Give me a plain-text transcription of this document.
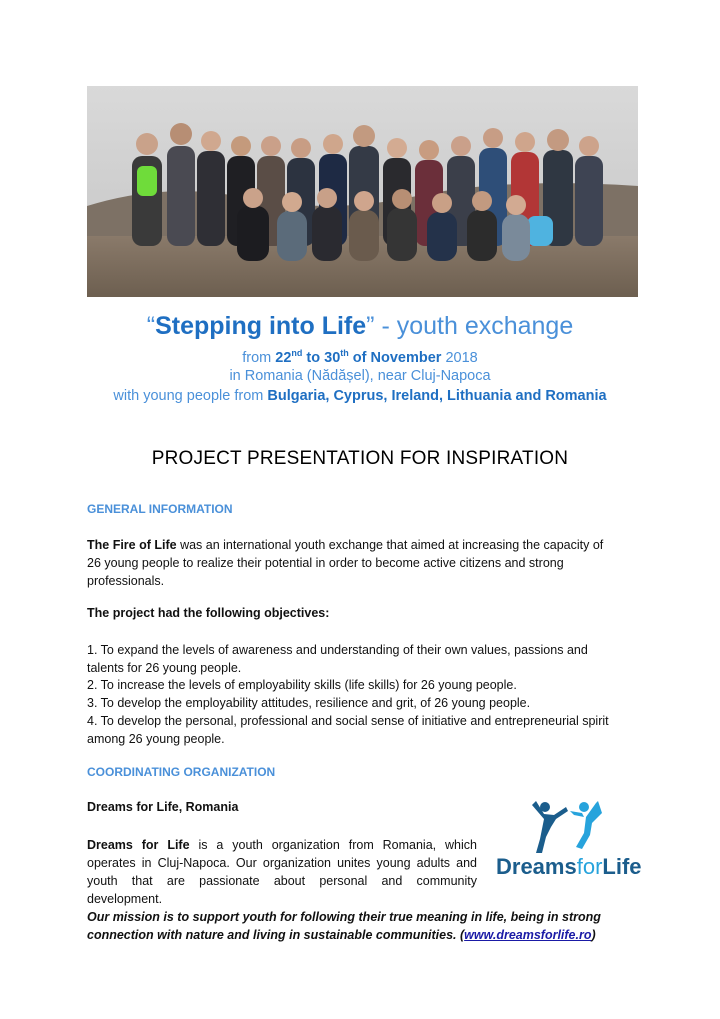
“Stepping into Life” - youth exchange
from 22nd to 30th of November 2018
in Romania (Nădășel), near Cluj-Napoca
with young people from Bulgaria, Cyprus, Ireland, Lithuania and Romania
PROJECT PRESENTATION FOR INSPIRATION
GENERAL INFORMATION
The Fire of Life was an international youth exchange that aimed at increasing the capacity of 26 young people to realize their potential in order to become active citizens and strong professionals.
The project had the following objectives:
1. To expand the levels of awareness and understanding of their own values, passions and talents for 26 young people.
2. To increase the levels of employability skills (life skills) for 26 young people.
3. To develop the employability attitudes, resilience and grit, of 26 young people.
4. To develop the personal, professional and social sense of initiative and entrepreneurial spirit among 26 young people.
COORDINATING ORGANIZATION
Dreams for Life, Romania
Dreams for Life is a youth organization from Romania, which operates in Cluj-Napoca. Our organization unites young adults and youth that are passionate about personal and community development.
Our mission is to support youth for following their true meaning in life, being in strong connection with nature and living in sustainable communities. (www.dreamsforlife.ro)
DreamsforLife
